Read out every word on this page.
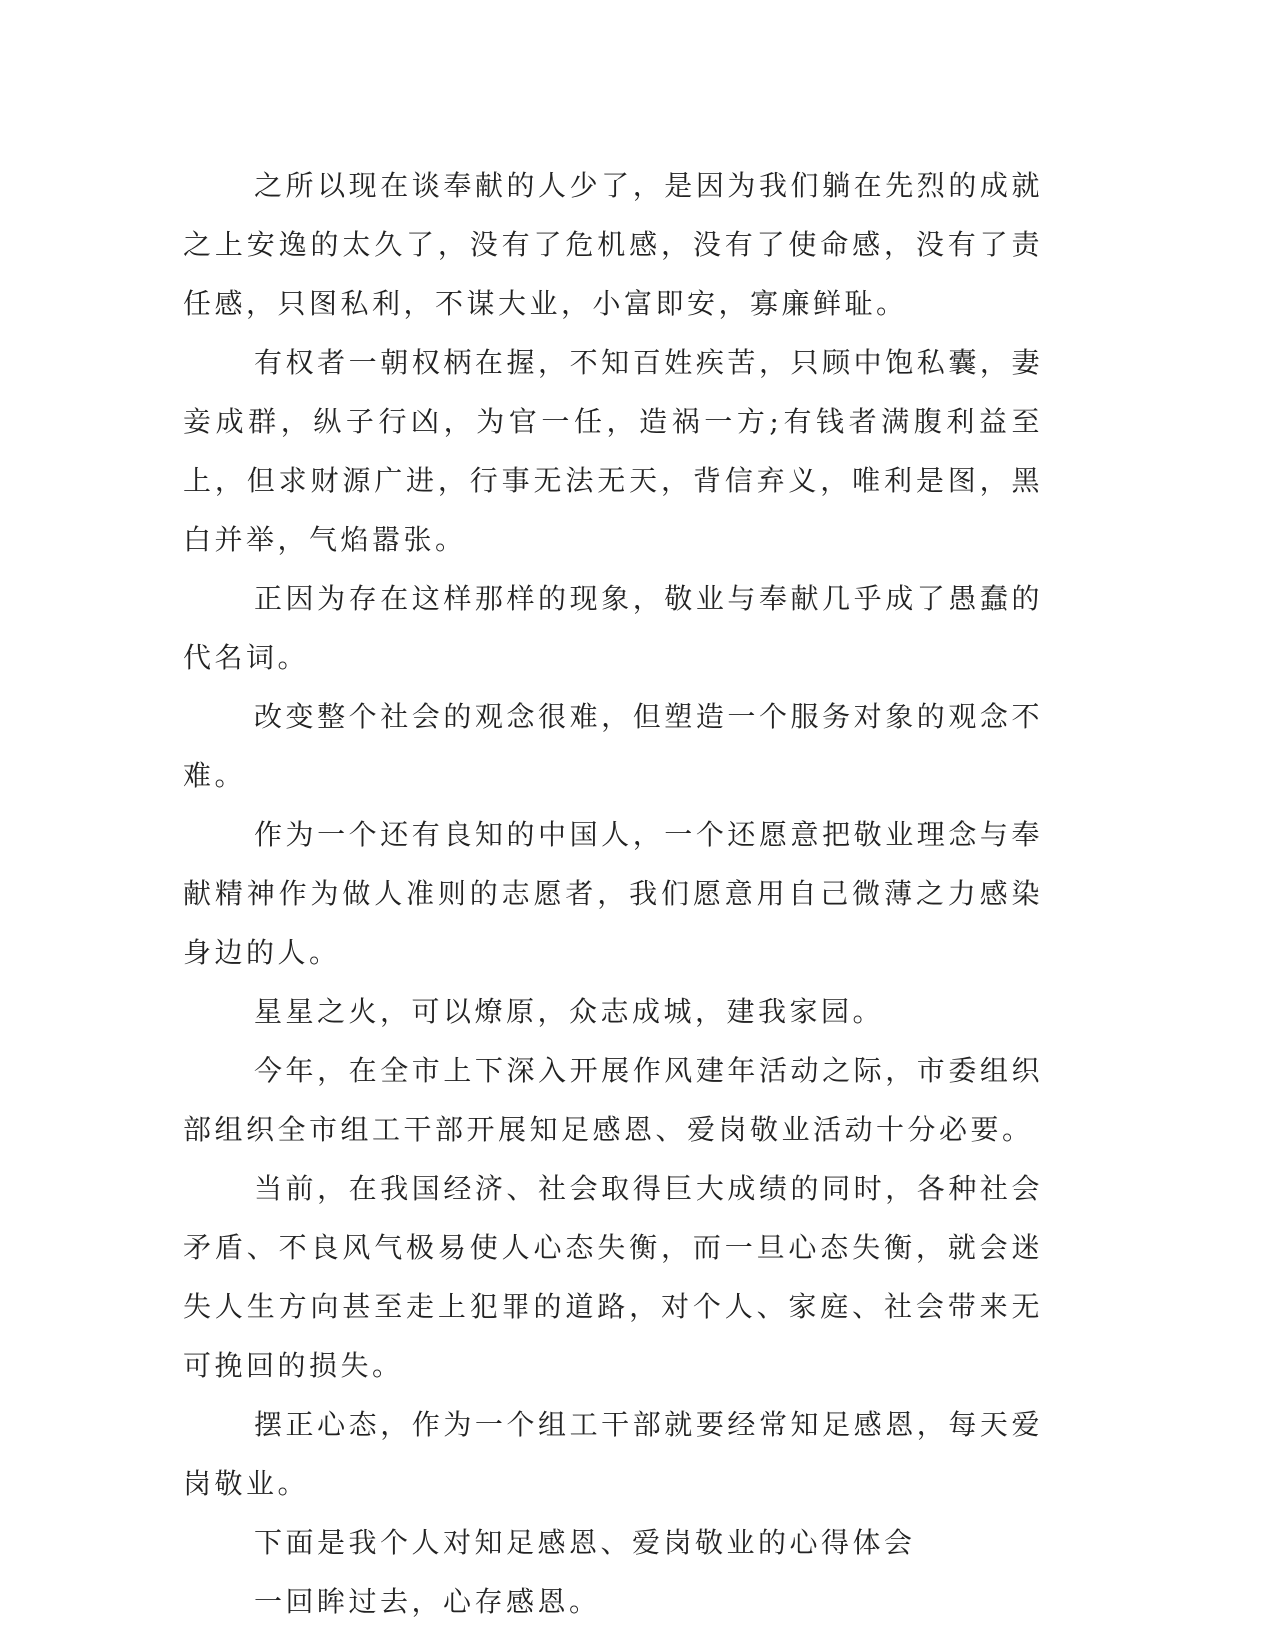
之所以现在谈奉献的人少了，是因为我们躺在先烈的成就之上安逸的太久了，没有了危机感，没有了使命感，没有了责任感，只图私利，不谋大业，小富即安，寡廉鲜耻。

有权者一朝权柄在握，不知百姓疾苦，只顾中饱私囊，妻妾成群，纵子行凶，为官一任，造祸一方;有钱者满腹利益至上，但求财源广进，行事无法无天，背信弃义，唯利是图，黑白并举，气焰嚣张。

正因为存在这样那样的现象，敬业与奉献几乎成了愚蠢的代名词。

改变整个社会的观念很难，但塑造一个服务对象的观念不难。

作为一个还有良知的中国人，一个还愿意把敬业理念与奉献精神作为做人准则的志愿者，我们愿意用自己微薄之力感染身边的人。

星星之火，可以燎原，众志成城，建我家园。

今年，在全市上下深入开展作风建年活动之际，市委组织部组织全市组工干部开展知足感恩、爱岗敬业活动十分必要。

当前，在我国经济、社会取得巨大成绩的同时，各种社会矛盾、不良风气极易使人心态失衡，而一旦心态失衡，就会迷失人生方向甚至走上犯罪的道路，对个人、家庭、社会带来无可挽回的损失。

摆正心态，作为一个组工干部就要经常知足感恩，每天爱岗敬业。

下面是我个人对知足感恩、爱岗敬业的心得体会

一回眸过去，心存感恩。
